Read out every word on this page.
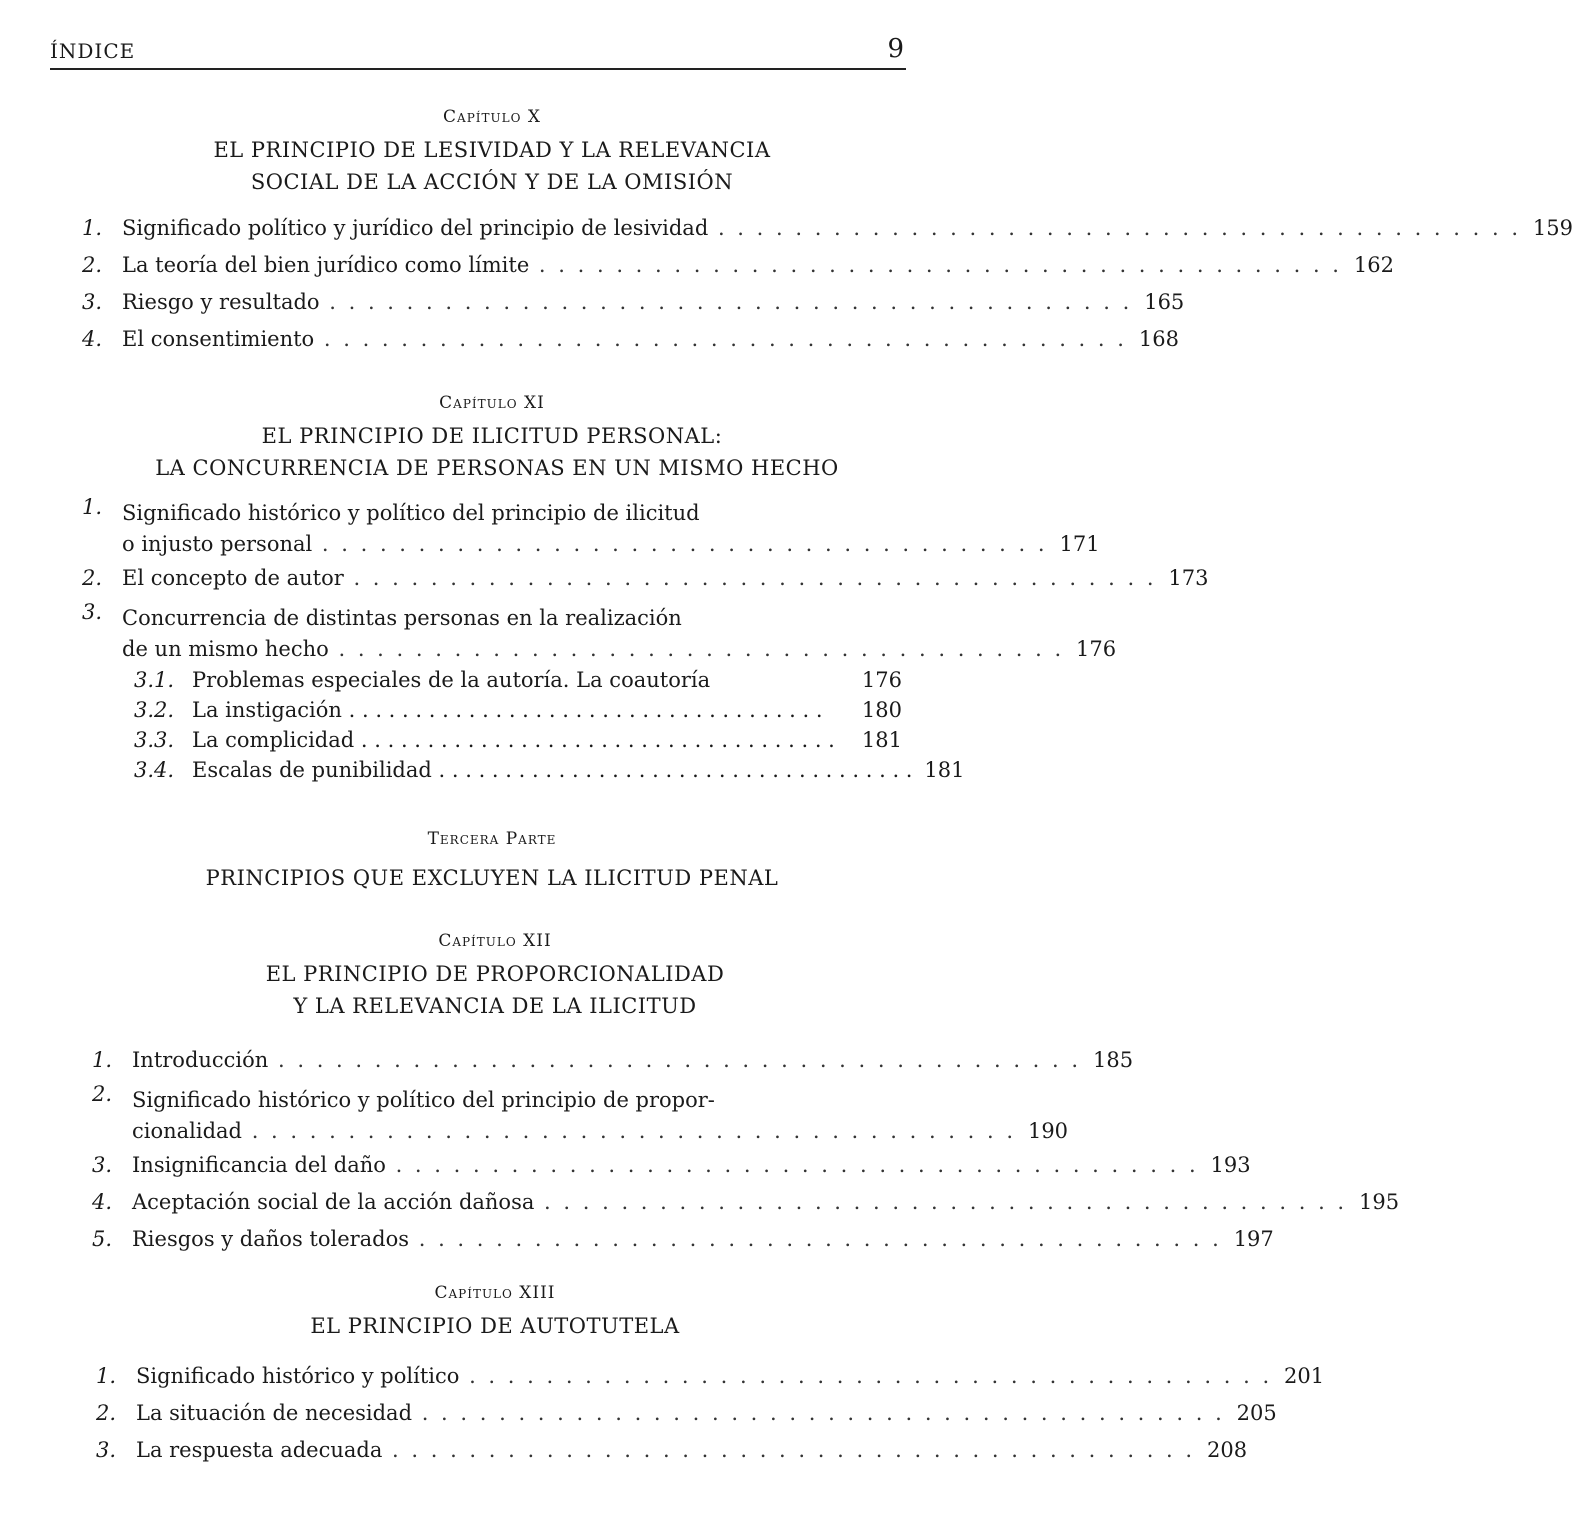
ÍNDICE	9
Capítulo X
EL PRINCIPIO DE LESIVIDAD Y LA RELEVANCIA
SOCIAL DE LA ACCIÓN Y DE LA OMISIÓN
1. Significado político y jurídico del principio de lesividad . . . . . . . . . . . . . . . . . . . . . . . . . . . . . . . . . . . . . . . . . . 159
2. La teoría del bien jurídico como límite . . . . . . . . . . . . . . . . . . . . . . . . . . . . . . . . . . . . . . . . . . 162
3. Riesgo y resultado . . . . . . . . . . . . . . . . . . . . . . . . . . . . . . . . . . . . . . . . . . 165
4. El consentimiento . . . . . . . . . . . . . . . . . . . . . . . . . . . . . . . . . . . . . . . . . . 168
Capítulo XI
EL PRINCIPIO DE ILICITUD PERSONAL:
LA CONCURRENCIA DE PERSONAS EN UN MISMO HECHO
1. Significado histórico y político del principio de ilicitud
o injusto personal . . . . . . . . . . . . . . . . . . . . . . . . . . . . . . . . . . . . . . 171
2. El concepto de autor . . . . . . . . . . . . . . . . . . . . . . . . . . . . . . . . . . . . . . . . . . 173
3. Concurrencia de distintas personas en la realización
de un mismo hecho . . . . . . . . . . . . . . . . . . . . . . . . . . . . . . . . . . . . . . 176
3.1. Problemas especiales de la autoría. La coautoría	176
3.2. La instigación . . . . . . . . . . . . . . . . . . . . . . . . . . . . . . . . . . . .	180
3.3. La complicidad . . . . . . . . . . . . . . . . . . . . . . . . . . . . . . . . . . . .	181
3.4. Escalas de punibilidad . . . . . . . . . . . . . . . . . . . . . . . . . . . . . . . . . . . . 181
Tercera Parte
PRINCIPIOS QUE EXCLUYEN LA ILICITUD PENAL
Capítulo XII
EL PRINCIPIO DE PROPORCIONALIDAD
Y LA RELEVANCIA DE LA ILICITUD
1. Introducción . . . . . . . . . . . . . . . . . . . . . . . . . . . . . . . . . . . . . . . . . . 185
2. Significado histórico y político del principio de propor-
cionalidad . . . . . . . . . . . . . . . . . . . . . . . . . . . . . . . . . . . . . . . . 190
3. Insignificancia del daño . . . . . . . . . . . . . . . . . . . . . . . . . . . . . . . . . . . . . . . . . . 193
4. Aceptación social de la acción dañosa . . . . . . . . . . . . . . . . . . . . . . . . . . . . . . . . . . . . . . . . . . 195
5. Riesgos y daños tolerados . . . . . . . . . . . . . . . . . . . . . . . . . . . . . . . . . . . . . . . . . . 197
Capítulo XIII
EL PRINCIPIO DE AUTOTUTELA
1. Significado histórico y político . . . . . . . . . . . . . . . . . . . . . . . . . . . . . . . . . . . . . . . . . . 201
2. La situación de necesidad . . . . . . . . . . . . . . . . . . . . . . . . . . . . . . . . . . . . . . . . . . 205
3. La respuesta adecuada . . . . . . . . . . . . . . . . . . . . . . . . . . . . . . . . . . . . . . . . . . 208
